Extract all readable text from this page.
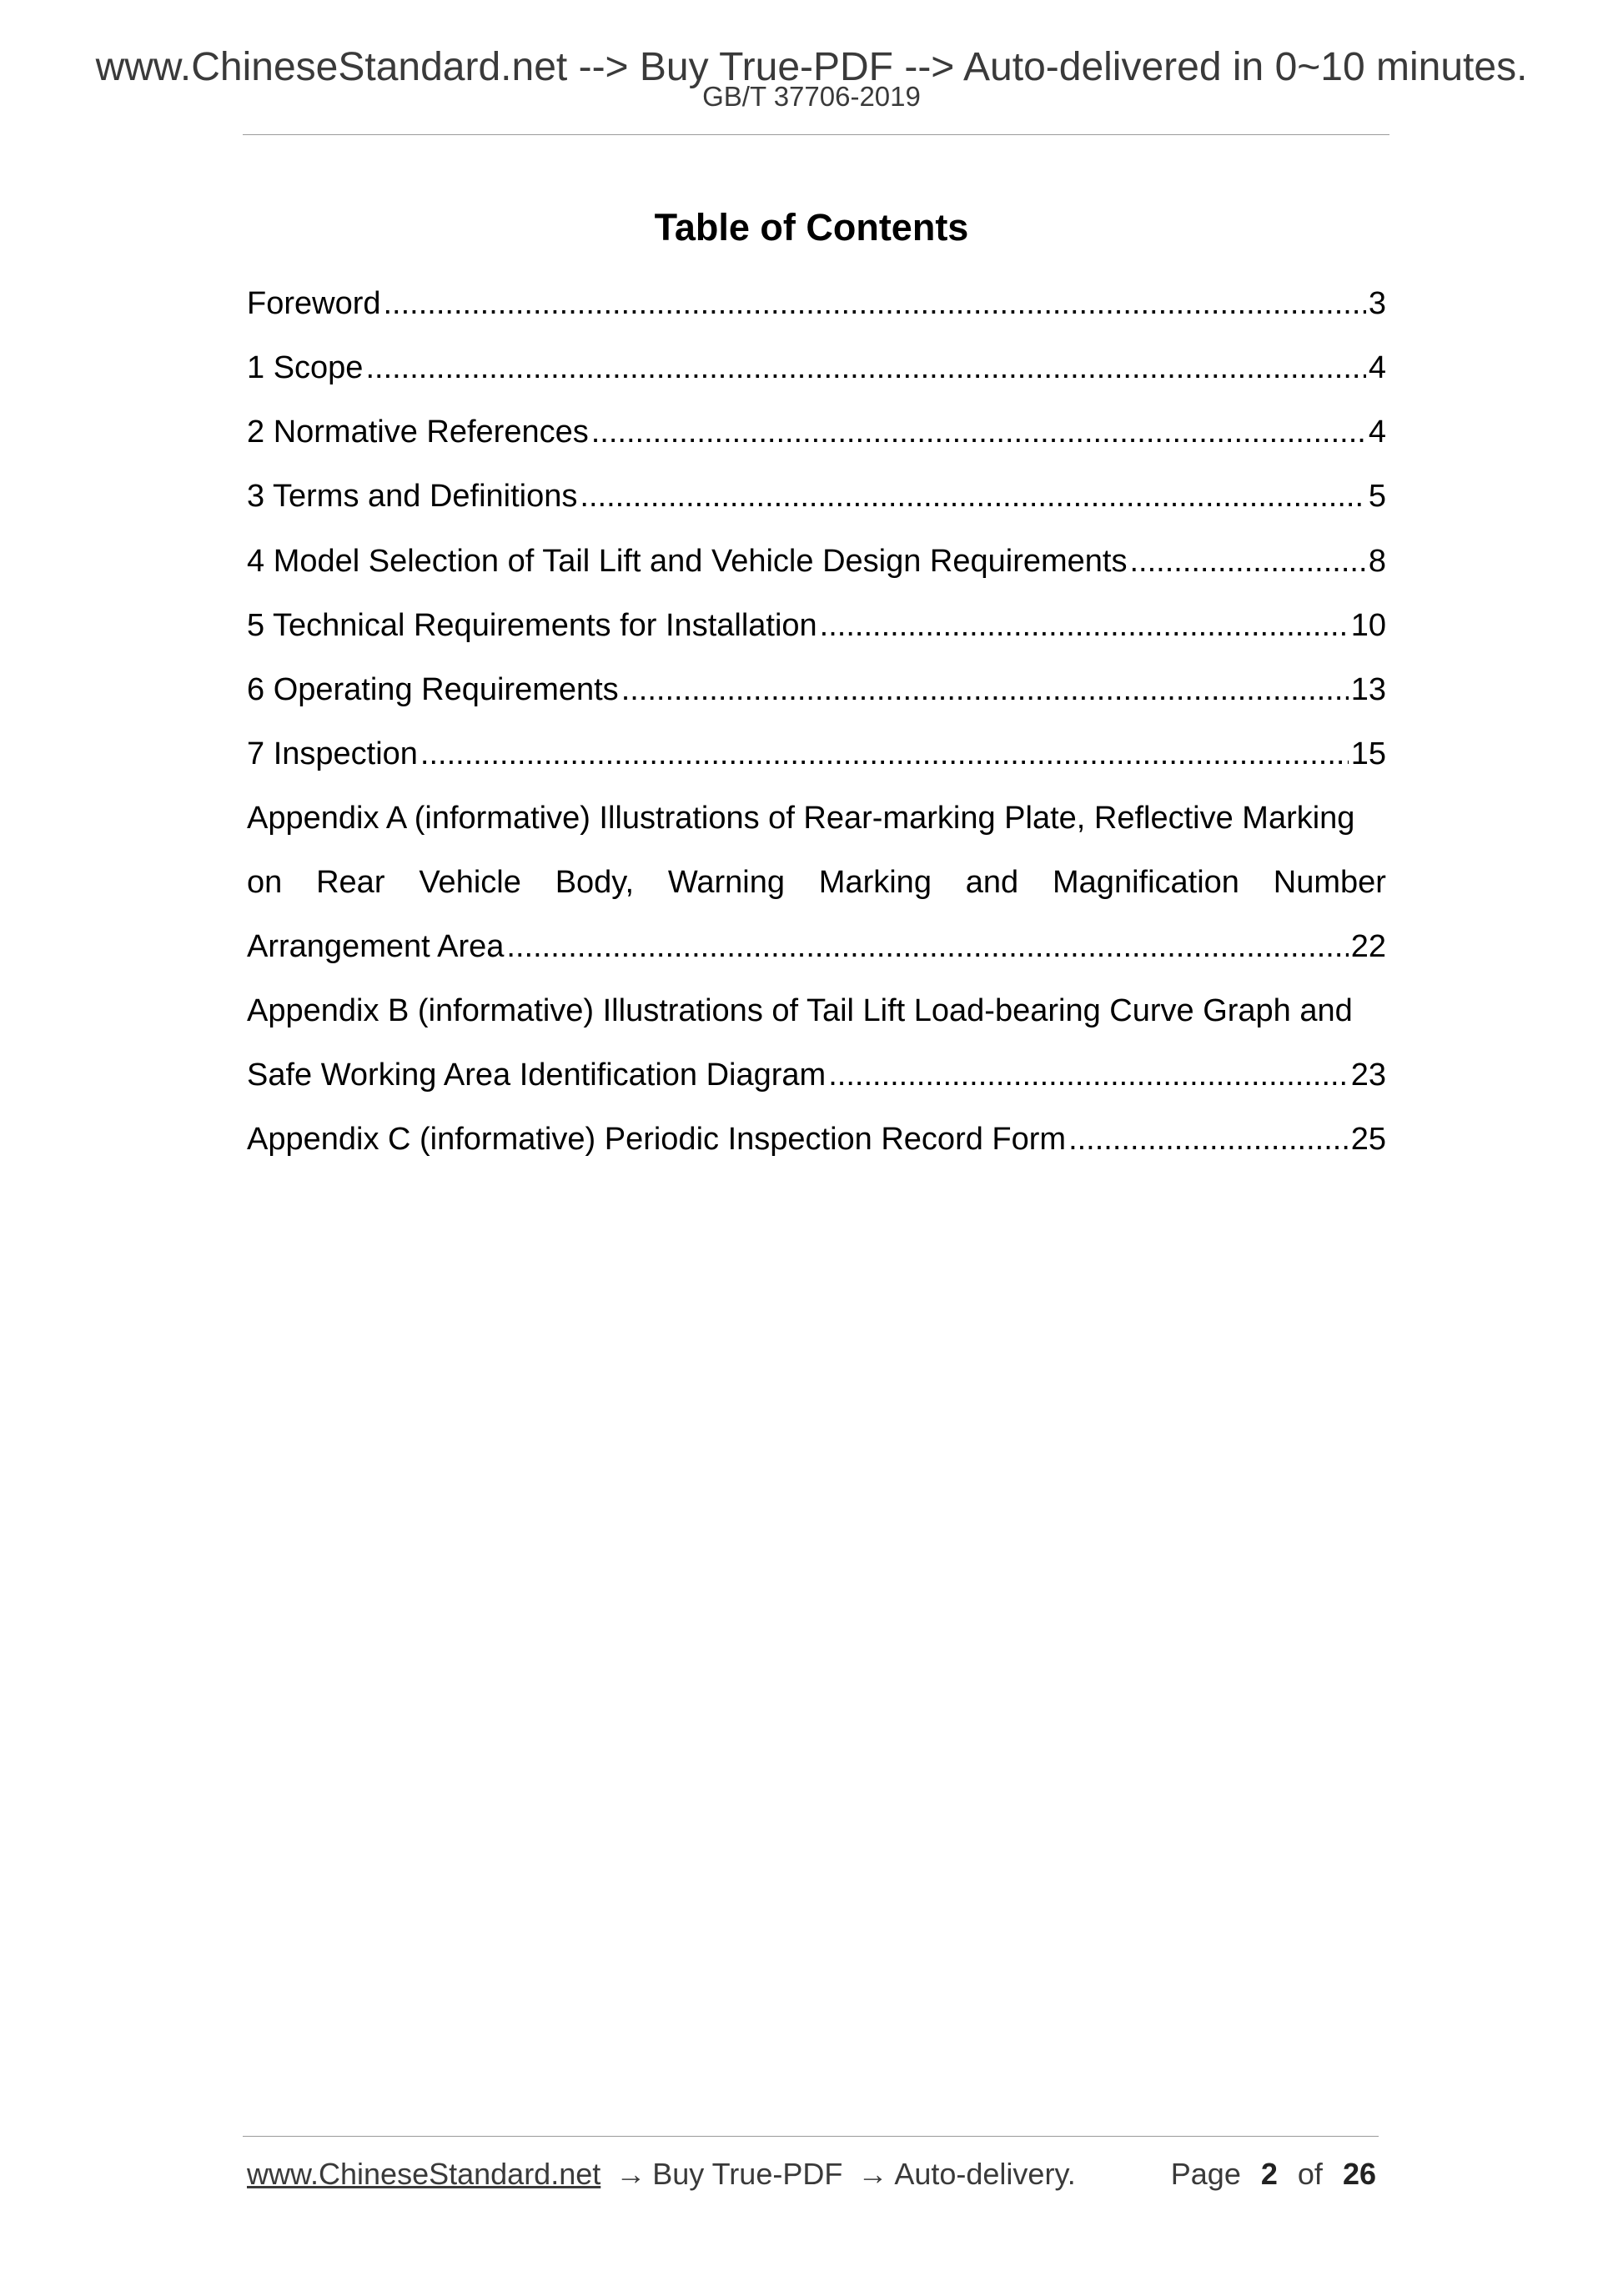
www.ChineseStandard.net --> Buy True-PDF --> Auto-delivered in 0~10 minutes.
GB/T 37706-2019
Table of Contents
Foreword .....	3
1 Scope .....	4
2 Normative References .....	4
3 Terms and Definitions .....	5
4 Model Selection of Tail Lift and Vehicle Design Requirements .....	8
5 Technical Requirements for Installation .....	10
6 Operating Requirements .....	13
7 Inspection .....	15
Appendix A (informative) Illustrations of Rear-marking Plate, Reflective Marking
on Rear Vehicle Body, Warning Marking and Magnification Number
Arrangement Area .....	22
Appendix B (informative) Illustrations of Tail Lift Load-bearing Curve Graph and
Safe Working Area Identification Diagram .....	23
Appendix C (informative) Periodic Inspection Record Form .....	25
www.ChineseStandard.net → Buy True-PDF → Auto-delivery.	Page 2 of 26
